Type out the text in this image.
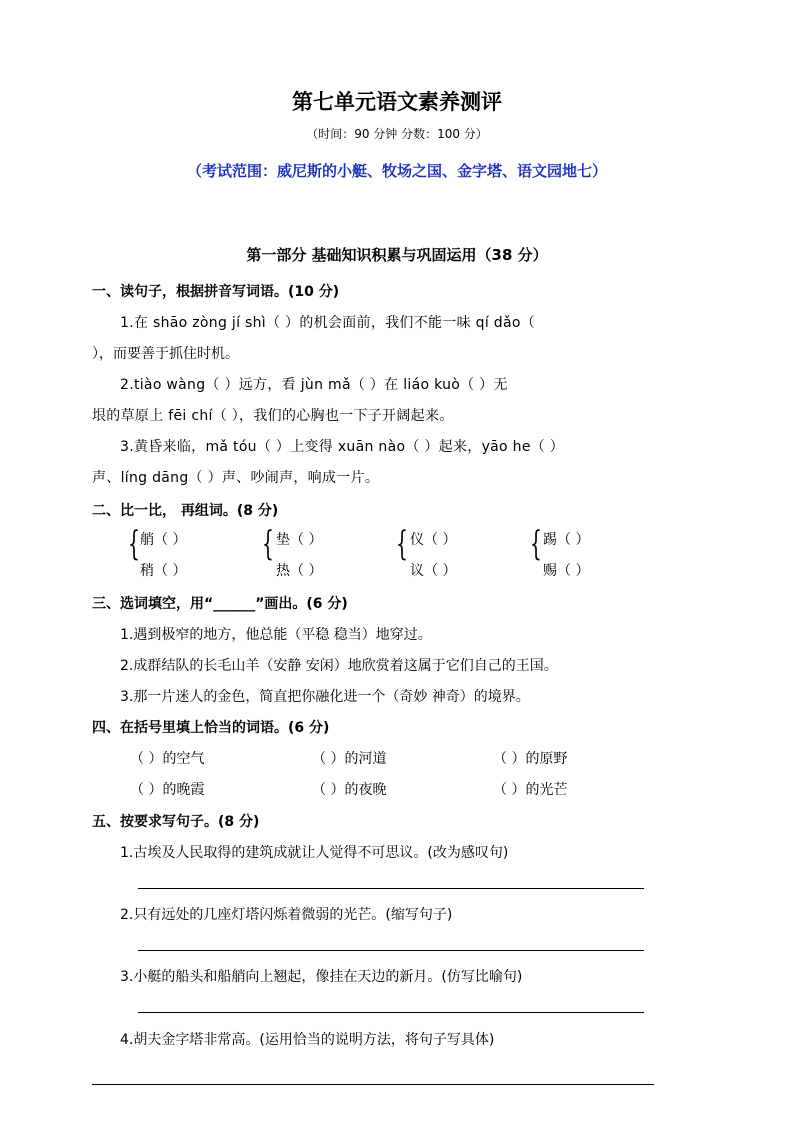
第七单元语文素养测评
（时间：90 分钟 分数：100 分）
（考试范围：威尼斯的小艇、牧场之国、金字塔、语文园地七）
第一部分 基础知识积累与巩固运用（38 分）
一、读句子，根据拼音写词语。(10 分)
1.在 shāo zòng jí shì（ ）的机会面前，我们不能一味 qí dǎo（
），而要善于抓住时机。
2.tiào wàng（ ）远方，看 jùn mǎ（ ）在 liáo kuò（ ）无
垠的草原上 fēi chí（ ），我们的心胸也一下子开阔起来。
3.黄昏来临，mǎ tóu（ ）上变得 xuān nào（ ）起来，yāo he（ ）
声、líng dāng（ ）声、吵闹声，响成一片。
二、比一比， 再组词。(8 分)
{ 艄（ ）
稍（ ）
{ 垫（ ）
热（ ）
{ 仪（ ）
议（ ）
{ 踢（ ）
赐（ ）
三、选词填空，用“______”画出。(6 分)
1.遇到极窄的地方，他总能（平稳 稳当）地穿过。
2.成群结队的长毛山羊（安静 安闲）地欣赏着这属于它们自己的王国。
3.那一片迷人的金色，简直把你融化进一个（奇妙 神奇）的境界。
四、在括号里填上恰当的词语。(6 分)
（ ）的空气	（ ）的河道	（ ）的原野
（ ）的晚霞	（ ）的夜晚	（ ）的光芒
五、按要求写句子。(8 分)
1.古埃及人民取得的建筑成就让人觉得不可思议。(改为感叹句)
2.只有远处的几座灯塔闪烁着微弱的光芒。(缩写句子)
3.小艇的船头和船艄向上翘起，像挂在天边的新月。(仿写比喻句)
4.胡夫金字塔非常高。(运用恰当的说明方法，将句子写具体)
